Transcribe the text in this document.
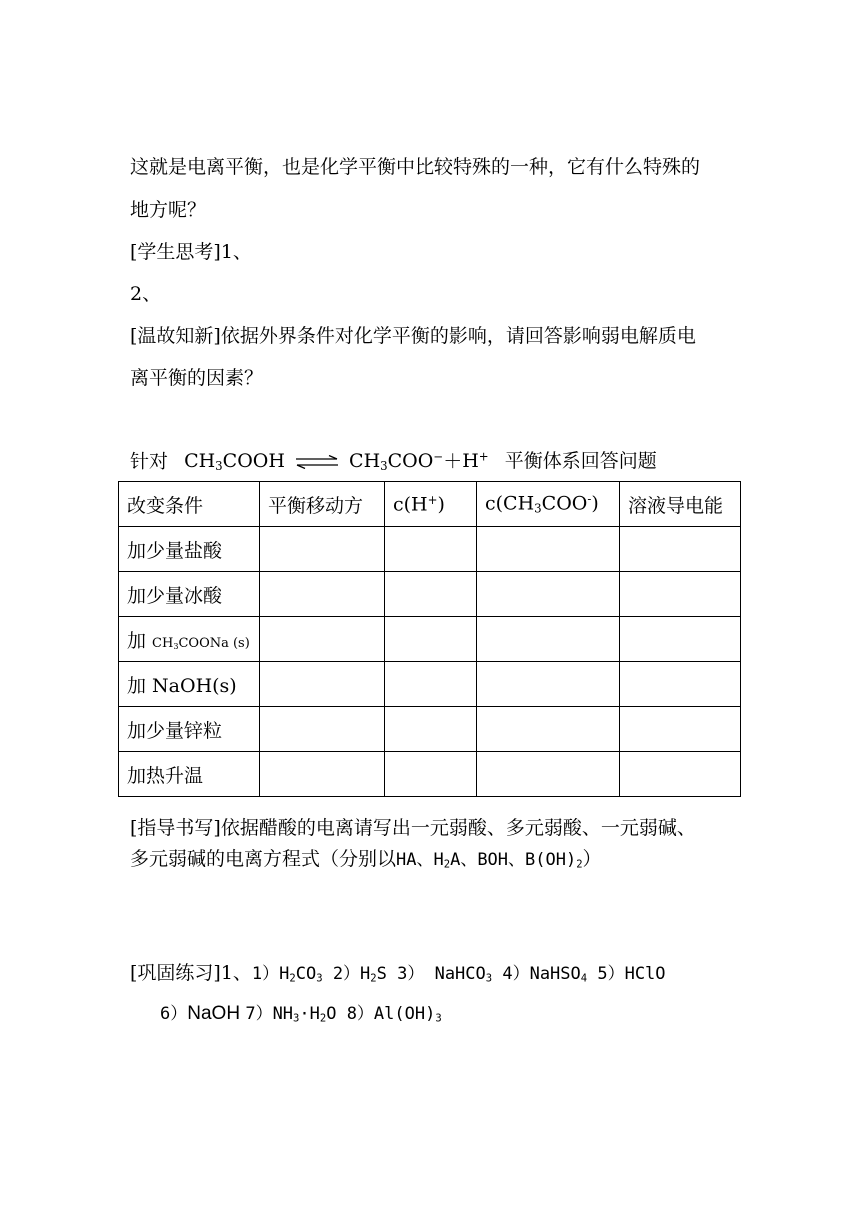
这就是电离平衡，也是化学平衡中比较特殊的一种，它有什么特殊的
地方呢？
[学生思考]1、
2、
[温故知新]依据外界条件对化学平衡的影响，请回答影响弱电解质电
离平衡的因素？
针对 $CH_3COOH$ ⇌ $CH_3COO^-+H^+$ 平衡体系回答问题
改变条件	平衡移动方	c(H+)	$c(CH_3COO^-)$	溶液导电能
加少量盐酸				
加少量冰酸				
加 $CH_3COONa$ (s)				
加 NaOH(s)				
加少量锌粒				
加热升温				
[指导书写]依据醋酸的电离请写出一元弱酸、多元弱酸、一元弱碱、
多元弱碱的电离方程式（分别以HA、$H_2A$、BOH、$B(OH)_2$）
[巩固练习]1、$1)H_2CO_3$ $2)H_2S$ 3） NaHCO$_3$ 4）NaHSO$_4$ 5）HClO
6）NaOH $7)NH_3\cdot H_2O$ $8)Al(OH)_3$
